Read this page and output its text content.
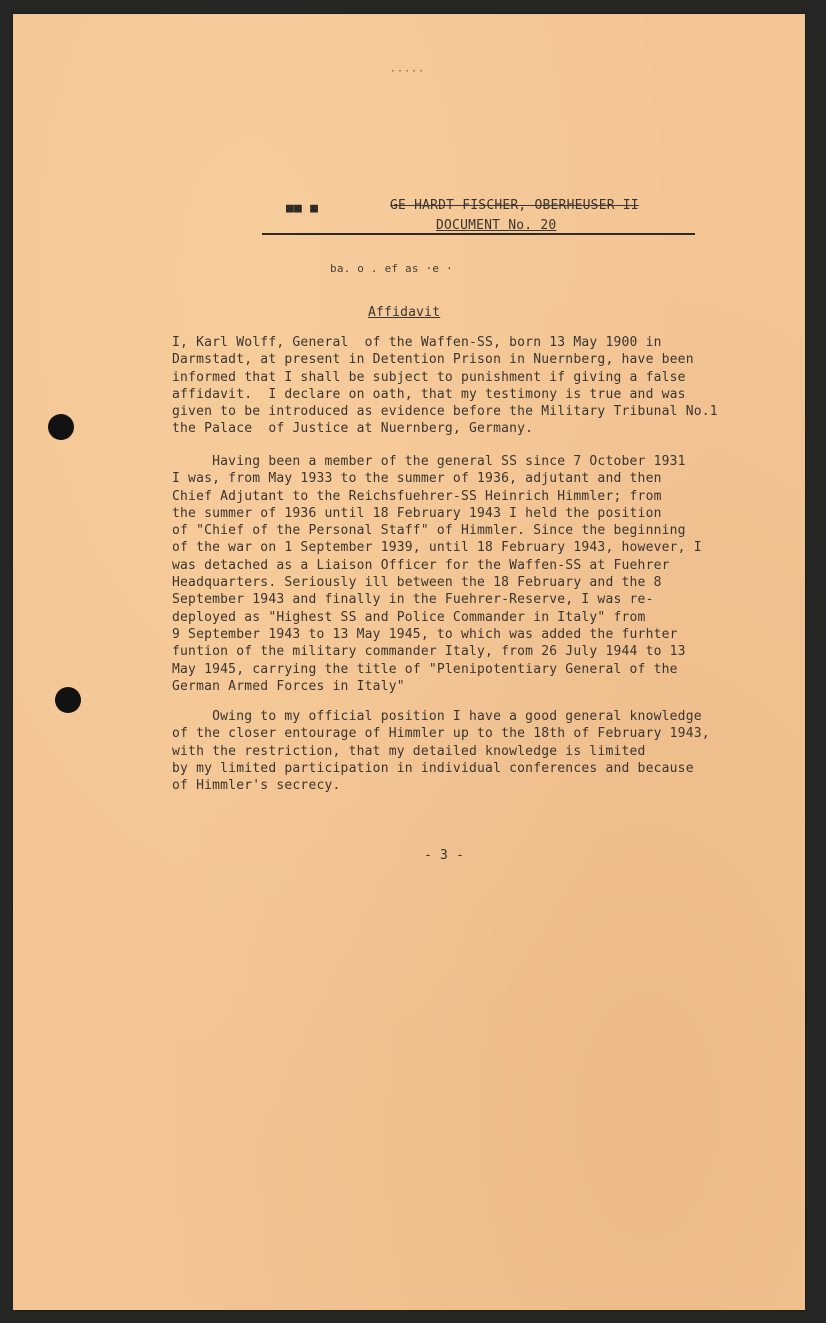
·····
■■ ■	GE HARDT FISCHER, OBERHEUSER II
DOCUMENT No. 20
ba. o . ef as ·e ·
Affidavit

I, Karl Wolff, General  of the Waffen-SS, born 13 May 1900 in
Darmstadt, at present in Detention Prison in Nuernberg, have been
informed that I shall be subject to punishment if giving a false
affidavit.  I declare on oath, that my testimony is true and was
given to be introduced as evidence before the Military Tribunal No.1
the Palace  of Justice at Nuernberg, Germany.

Having been a member of the general SS since 7 October 1931
I was, from May 1933 to the summer of 1936, adjutant and then
Chief Adjutant to the Reichsfuehrer-SS Heinrich Himmler; from
the summer of 1936 until 18 February 1943 I held the position
of "Chief of the Personal Staff" of Himmler. Since the beginning
of the war on 1 September 1939, until 18 February 1943, however, I
was detached as a Liaison Officer for the Waffen-SS at Fuehrer
Headquarters. Seriously ill between the 18 February and the 8
September 1943 and finally in the Fuehrer-Reserve, I was re-
deployed as "Highest SS and Police Commander in Italy" from
9 September 1943 to 13 May 1945, to which was added the furhter
funtion of the military commander Italy, from 26 July 1944 to 13
May 1945, carrying the title of "Plenipotentiary General of the
German Armed Forces in Italy"

Owing to my official position I have a good general knowledge
of the closer entourage of Himmler up to the 18th of February 1943,
with the restriction, that my detailed knowledge is limited
by my limited participation in individual conferences and because
of Himmler's secrecy.

- 3 -
